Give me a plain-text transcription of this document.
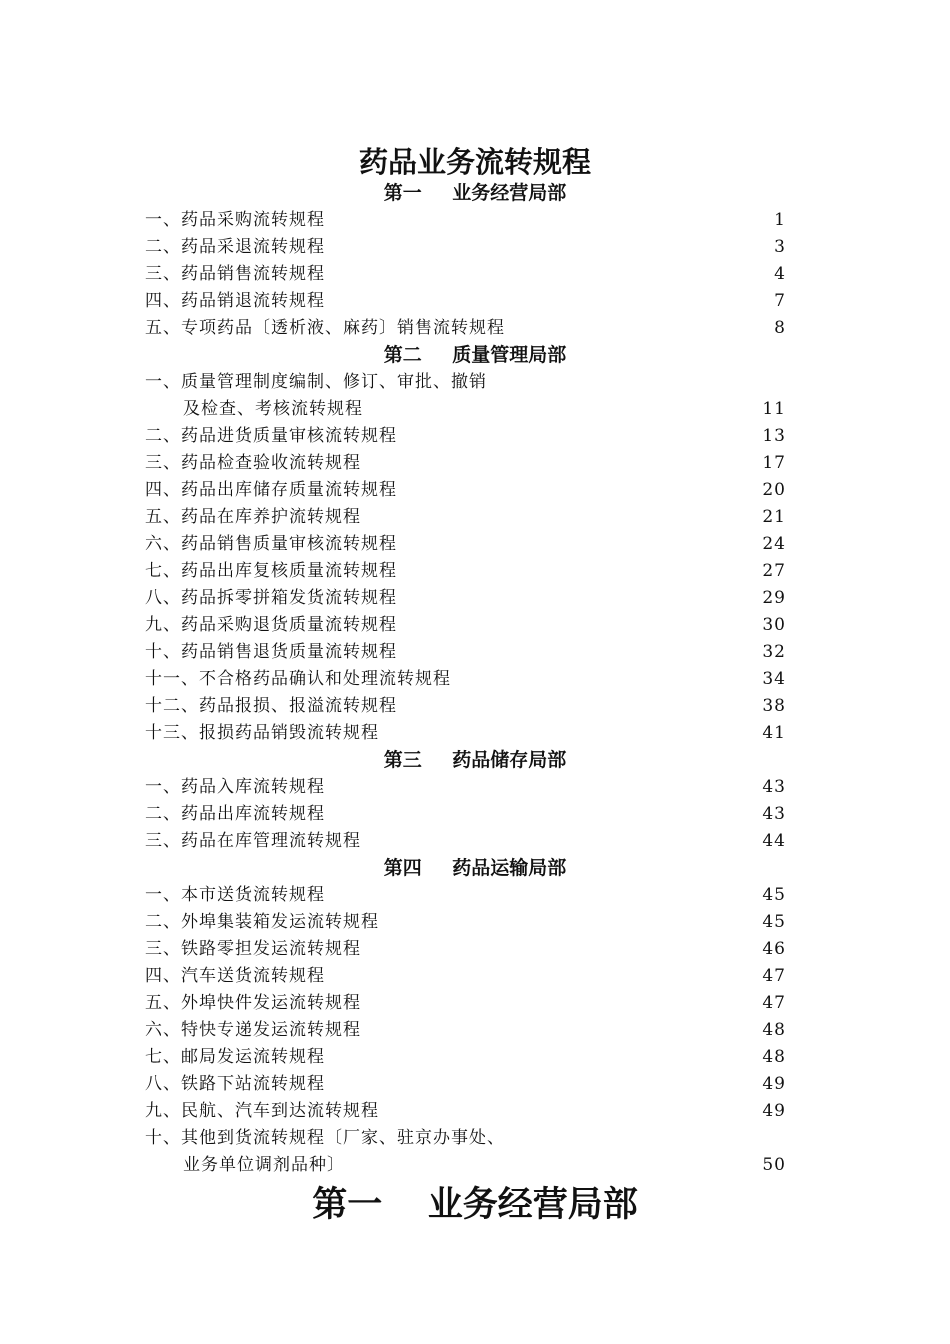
药品业务流转规程
第一 业务经营局部
一、药品采购流转规程	1
二、药品采退流转规程	3
三、药品销售流转规程	4
四、药品销退流转规程	7
五、专项药品〔透析液、麻药〕销售流转规程	8
第二 质量管理局部
一、质量管理制度编制、修订、审批、撤销
及检查、考核流转规程	11
二、药品进货质量审核流转规程	13
三、药品检查验收流转规程	17
四、药品出库储存质量流转规程	20
五、药品在库养护流转规程	21
六、药品销售质量审核流转规程	24
七、药品出库复核质量流转规程	27
八、药品拆零拼箱发货流转规程	29
九、药品采购退货质量流转规程	30
十、药品销售退货质量流转规程	32
十一、不合格药品确认和处理流转规程	34
十二、药品报损、报溢流转规程	38
十三、报损药品销毁流转规程	41
第三 药品储存局部
一、药品入库流转规程	43
二、药品出库流转规程	43
三、药品在库管理流转规程	44
第四 药品运输局部
一、本市送货流转规程	45
二、外埠集装箱发运流转规程	45
三、铁路零担发运流转规程	46
四、汽车送货流转规程	47
五、外埠快件发运流转规程	47
六、特快专递发运流转规程	48
七、邮局发运流转规程	48
八、铁路下站流转规程	49
九、民航、汽车到达流转规程	49
十、其他到货流转规程〔厂家、驻京办事处、
业务单位调剂品种〕	50
第一 业务经营局部
